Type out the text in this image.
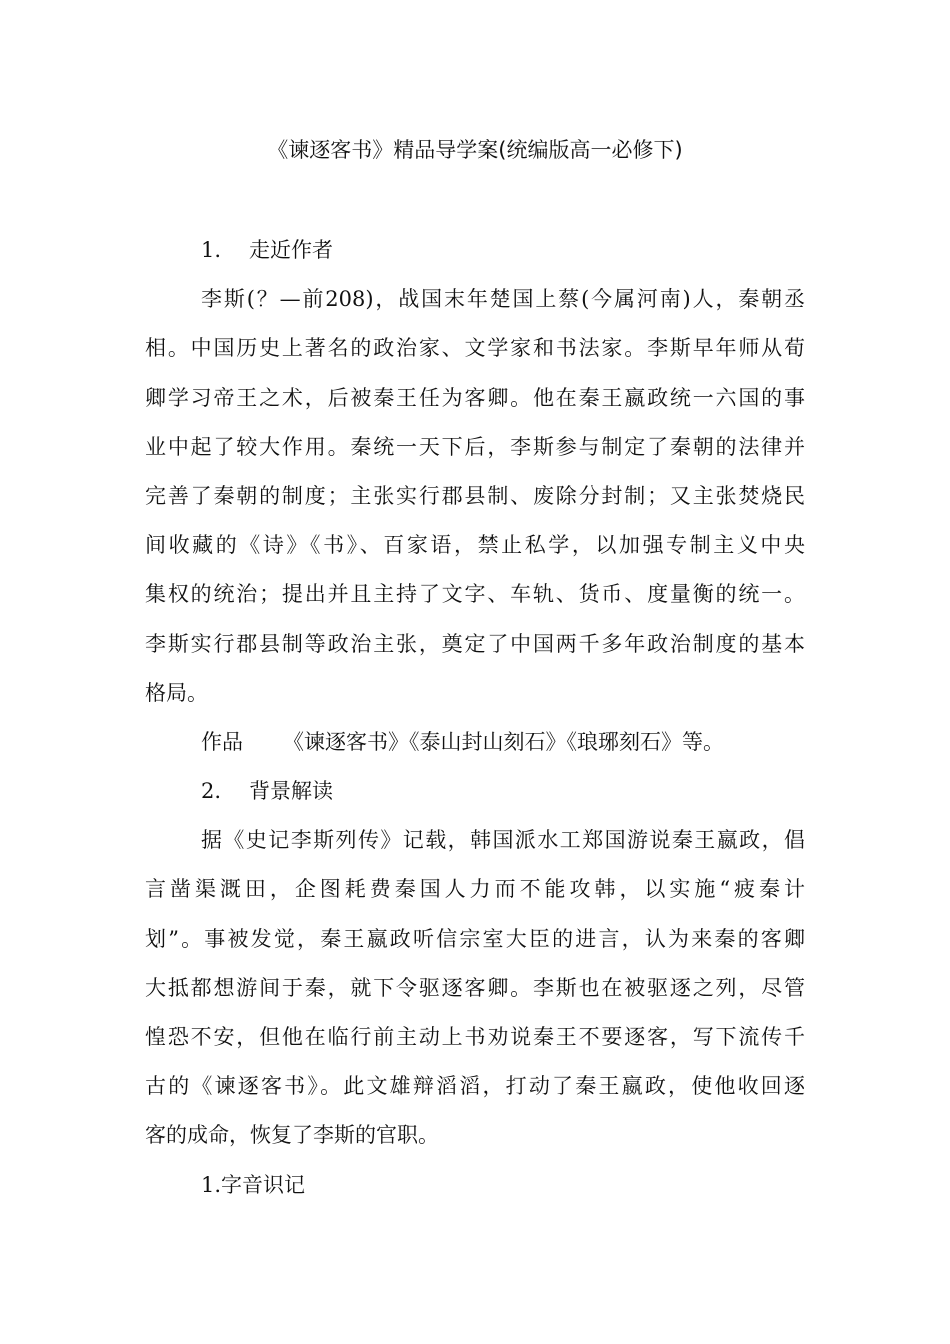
《谏逐客书》精品导学案(统编版高一必修下)
1. 走近作者
李斯(？—前208)，战国末年楚国上蔡(今属河南)人，秦朝丞
相。中国历史上著名的政治家、文学家和书法家。李斯早年师从荀
卿学习帝王之术，后被秦王任为客卿。他在秦王嬴政统一六国的事
业中起了较大作用。秦统一天下后，李斯参与制定了秦朝的法律并
完善了秦朝的制度；主张实行郡县制、废除分封制；又主张焚烧民
间收藏的《诗》《书》、百家语，禁止私学，以加强专制主义中央
集权的统治；提出并且主持了文字、车轨、货币、度量衡的统一。
李斯实行郡县制等政治主张，奠定了中国两千多年政治制度的基本
格局。
作品 《谏逐客书》《泰山封山刻石》《琅琊刻石》等。
2. 背景解读
据《史记李斯列传》记载，韩国派水工郑国游说秦王嬴政，倡
言凿渠溉田，企图耗费秦国人力而不能攻韩，以实施“疲秦计
划”。事被发觉，秦王嬴政听信宗室大臣的进言，认为来秦的客卿
大抵都想游间于秦，就下令驱逐客卿。李斯也在被驱逐之列，尽管
惶恐不安，但他在临行前主动上书劝说秦王不要逐客，写下流传千
古的《谏逐客书》。此文雄辩滔滔，打动了秦王嬴政，使他收回逐
客的成命，恢复了李斯的官职。
1.字音识记
